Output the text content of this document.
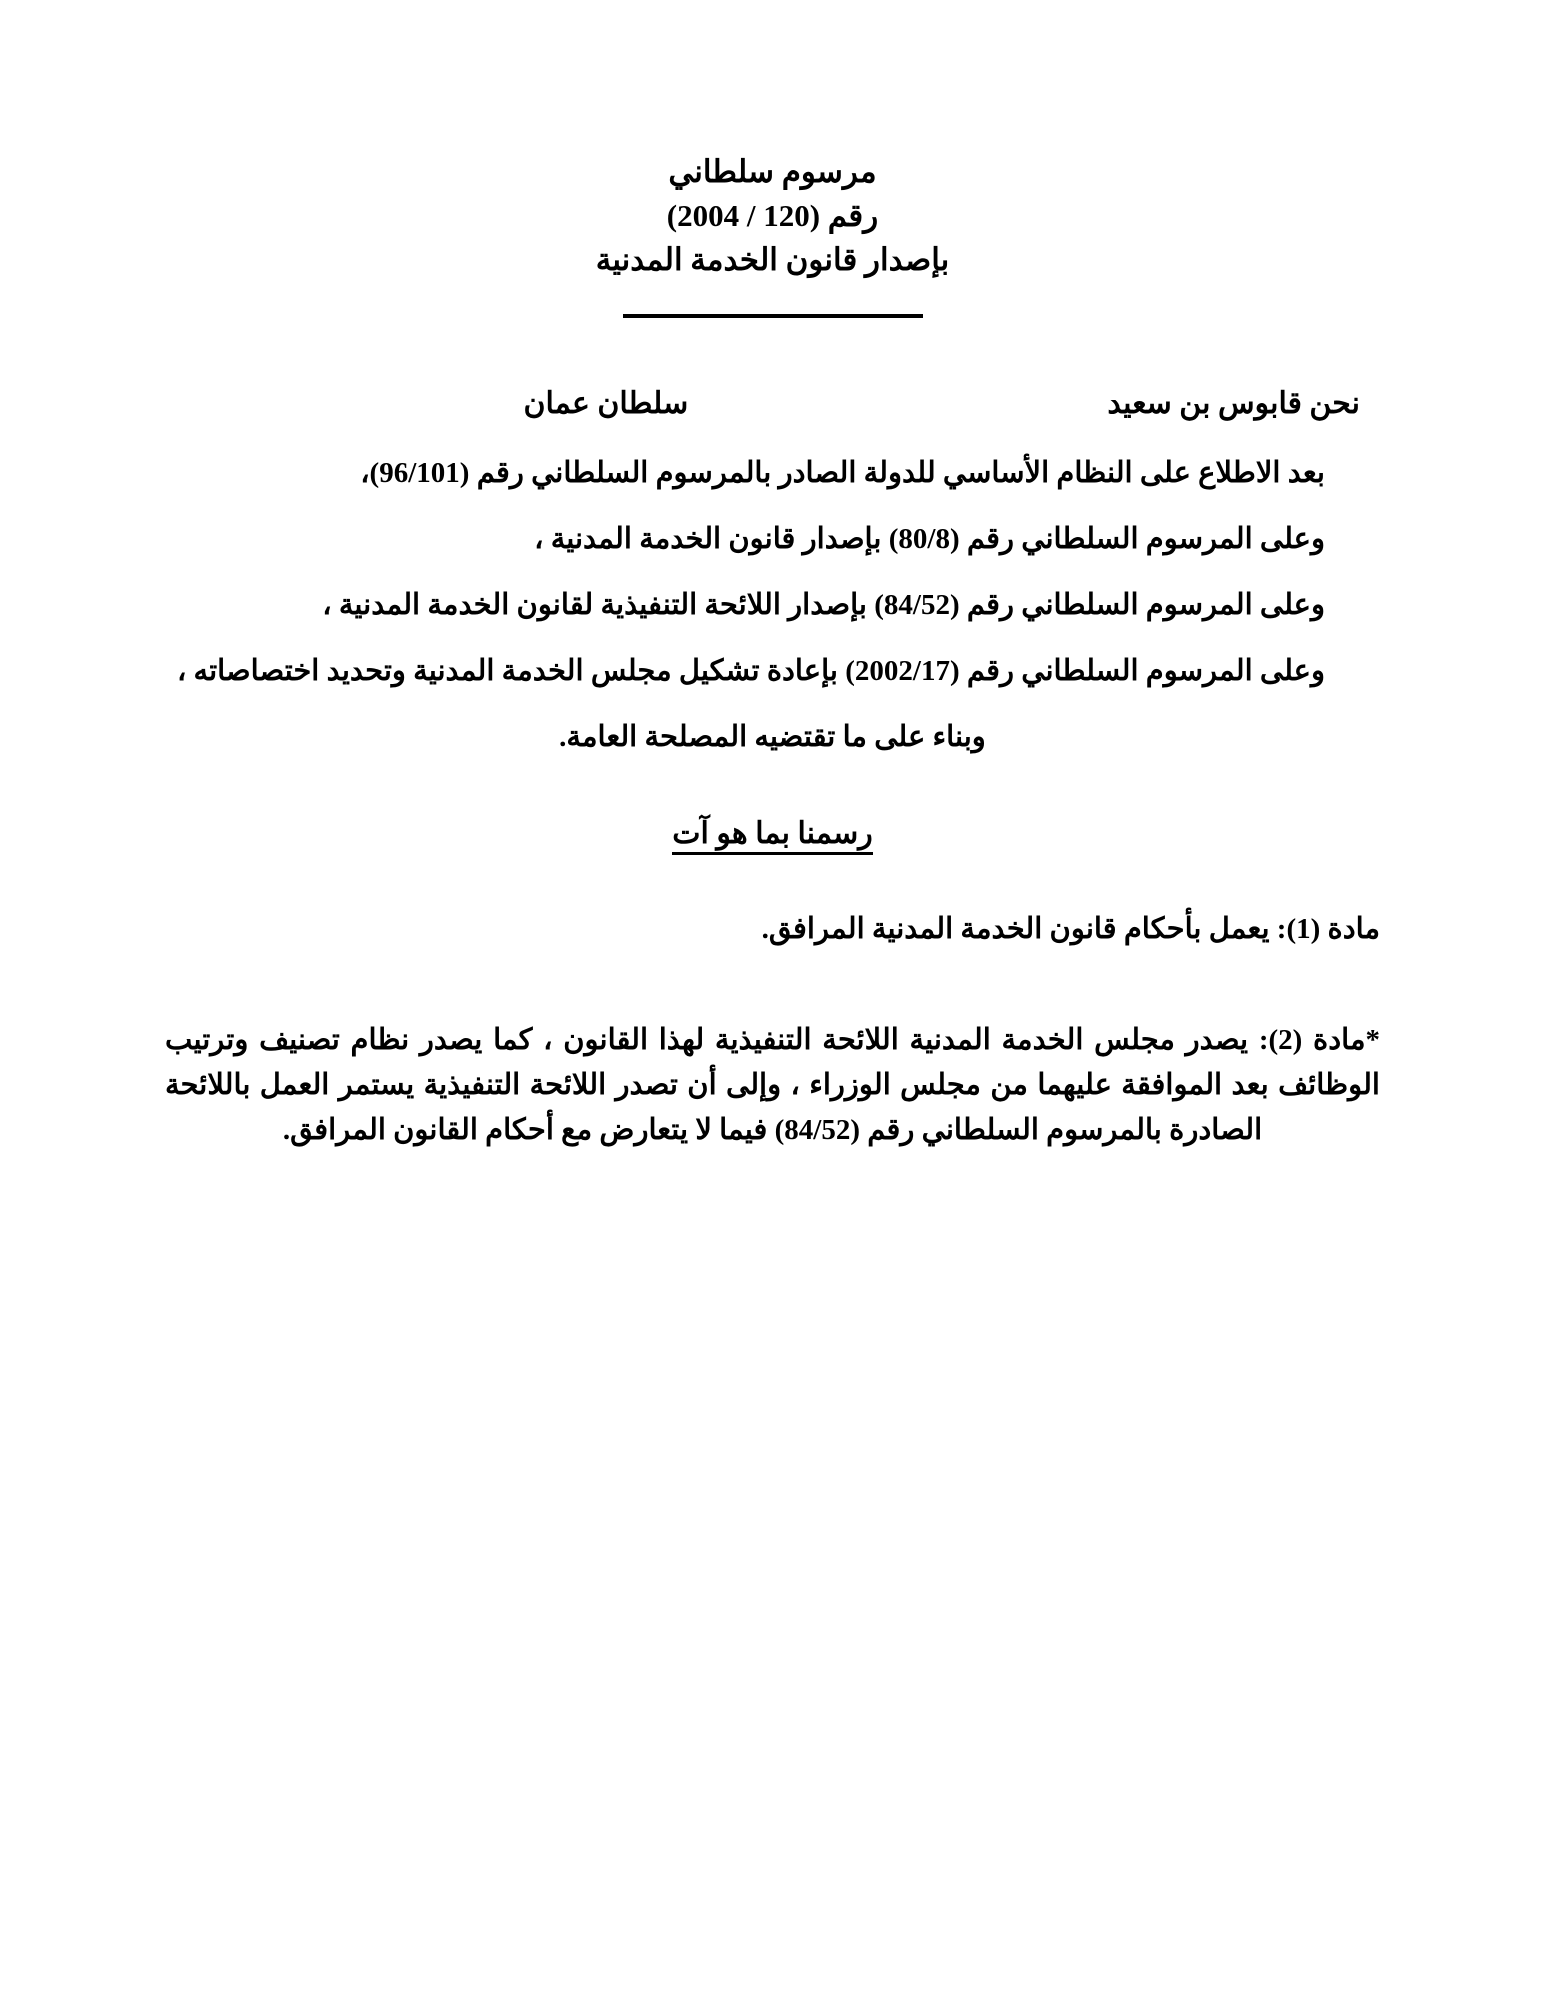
مرسوم سلطاني
رقم (120 / 2004)
بإصدار قانون الخدمة المدنية
نحن قابوس بن سعيد
سلطان عمان

بعد الاطلاع على النظام الأساسي للدولة الصادر بالمرسوم السلطاني رقم (96/101)،

وعلى المرسوم السلطاني رقم (80/8) بإصدار قانون الخدمة المدنية ،

وعلى المرسوم السلطاني رقم (84/52) بإصدار اللائحة التنفيذية لقانون الخدمة المدنية ،

وعلى المرسوم السلطاني رقم (2002/17) بإعادة تشكيل مجلس الخدمة المدنية وتحديد اختصاصاته ،

وبناء على ما تقتضيه المصلحة العامة.

رسمنا بما هو آت

مادة (1): يعمل بأحكام قانون الخدمة المدنية المرافق.

*مادة (2): يصدر مجلس الخدمة المدنية اللائحة التنفيذية لهذا القانون ، كما يصدر نظام تصنيف وترتيب الوظائف بعد الموافقة عليهما من مجلس الوزراء ، وإلى أن تصدر اللائحة التنفيذية يستمر العمل باللائحة الصادرة بالمرسوم السلطاني رقم (84/52) فيما لا يتعارض مع أحكام القانون المرافق.
